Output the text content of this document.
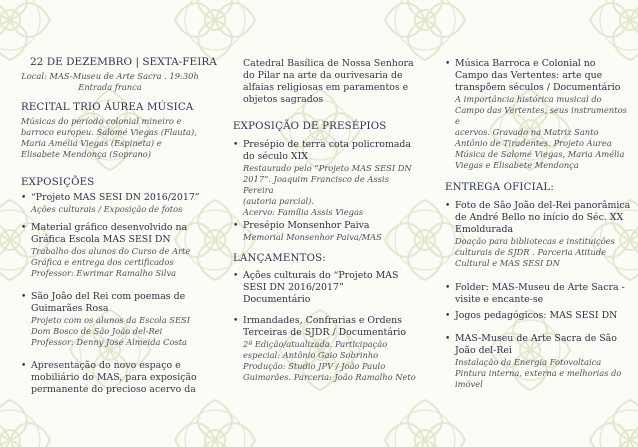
22 DE DEZEMBRO | SEXTA-FEIRA
Local: MAS-Museu de Arte Sacra . 19:30h
Entrada franca
RECITAL TRIO ÁUREA MÚSICA
Músicas do período colonial mineiro e
barroco europeu. Salomé Viegas (Flauta),
Maria Amélia Viegas (Espineta) e
Elisabete Mendonça (Soprano)
EXPOSIÇÕES
• “Projeto MAS SESI DN 2016/2017”
Ações culturais / Exposição de fotos
• Material gráfico desenvolvido na
Gráfica Escola MAS SESI DN
Trabalho dos alunos do Curso de Arte
Gráfica e entrega dos certificados
Professor: Ewrimar Ramalho Silva
• São João del Rei com poemas de
Guimarães Rosa
Projeto com os alunos da Escola SESI
Dom Bosco de São João del-Rei
Professor: Denny José Almeida Costa
• Apresentação do novo espaço e
mobiliário do MAS, para exposição
permanente do precioso acervo da
Catedral Basílica de Nossa Senhora
do Pilar na arte da ourivesaria de
alfaias religiosas em paramentos e
objetos sagrados
EXPOSIÇÃO DE PRESÉPIOS
• Presépio de terra cota policromada
do século XIX
Restaurado pelo “Projeto MAS SESI DN
2017”. Joaquim Francisco de Assis Pereira
(autoria parcial).
Acervo: Família Assis Viegas
• Presépio Monsenhor Paiva
Memorial Monsenhor Paiva/MAS
LANÇAMENTOS:
• Ações culturais do “Projeto MAS
SESI DN 2016/2017”
Documentário
• Irmandades, Confrarias e Ordens
Terceiras de SJDR / Documentário
2ª Edição/atualizada. Participação
especial: Antônio Gaio Sobrinho
Produção: Studio JPV / João Paulo
Guimarães. Parceria: João Ramalho Neto
• Música Barroca e Colonial no
Campo das Vertentes: arte que
transpõem séculos / Documentário
A importância histórica musical do
Campo das Vertentes, seus instrumentos e
acervos. Gravado na Matriz Santo
Antônio de Tiradentes. Projeto Áurea
Música de Salomé Viegas, Maria Amélia
Viegas e Elisabete Mendonça
ENTREGA OFICIAL:
• Foto de São João del-Rei panorâmica
de André Bello no início do Séc. XX
Emoldurada
Doação para bibliotecas e instituições
culturais de SJDR . Parceria Atitude
Cultural e MAS SESI DN
• Folder: MAS-Museu de Arte Sacra -
visite e encante-se
• Jogos pedagógicos: MAS SESI DN
• MAS-Museu de Arte Sacra de São
João del-Rei
Instalação da Energia Fotovoltaica
Pintura interna, externa e melhorias do
imóvel
